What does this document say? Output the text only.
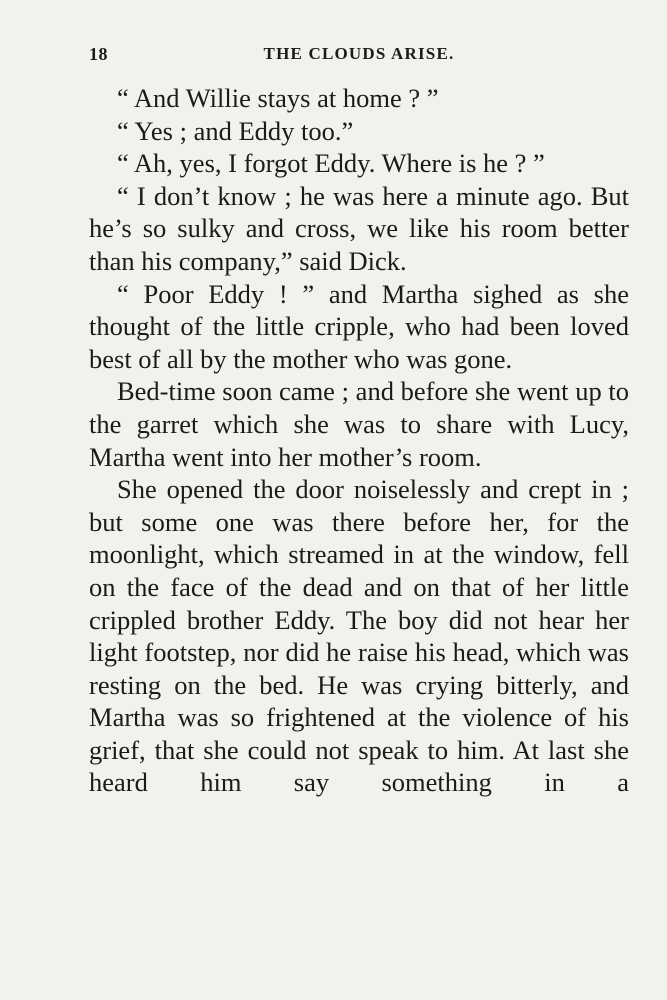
18	THE CLOUDS ARISE.

“ And Willie stays at home ? ”

“ Yes ; and Eddy too.”

“ Ah, yes, I forgot Eddy. Where is he ? ”

“ I don’t know ; he was here a minute ago. But he’s so sulky and cross, we like his room better than his company,” said Dick.

“ Poor Eddy ! ” and Martha sighed as she thought of the little cripple, who had been loved best of all by the mother who was gone.

Bed-time soon came ; and before she went up to the garret which she was to share with Lucy, Martha went into her mother’s room.

She opened the door noiselessly and crept in ; but some one was there before her, for the moonlight, which streamed in at the window, fell on the face of the dead and on that of her little crippled brother Eddy. The boy did not hear her light footstep, nor did he raise his head, which was resting on the bed. He was crying bitterly, and Martha was so frightened at the violence of his grief, that she could not speak to him. At last she heard him say something in a
